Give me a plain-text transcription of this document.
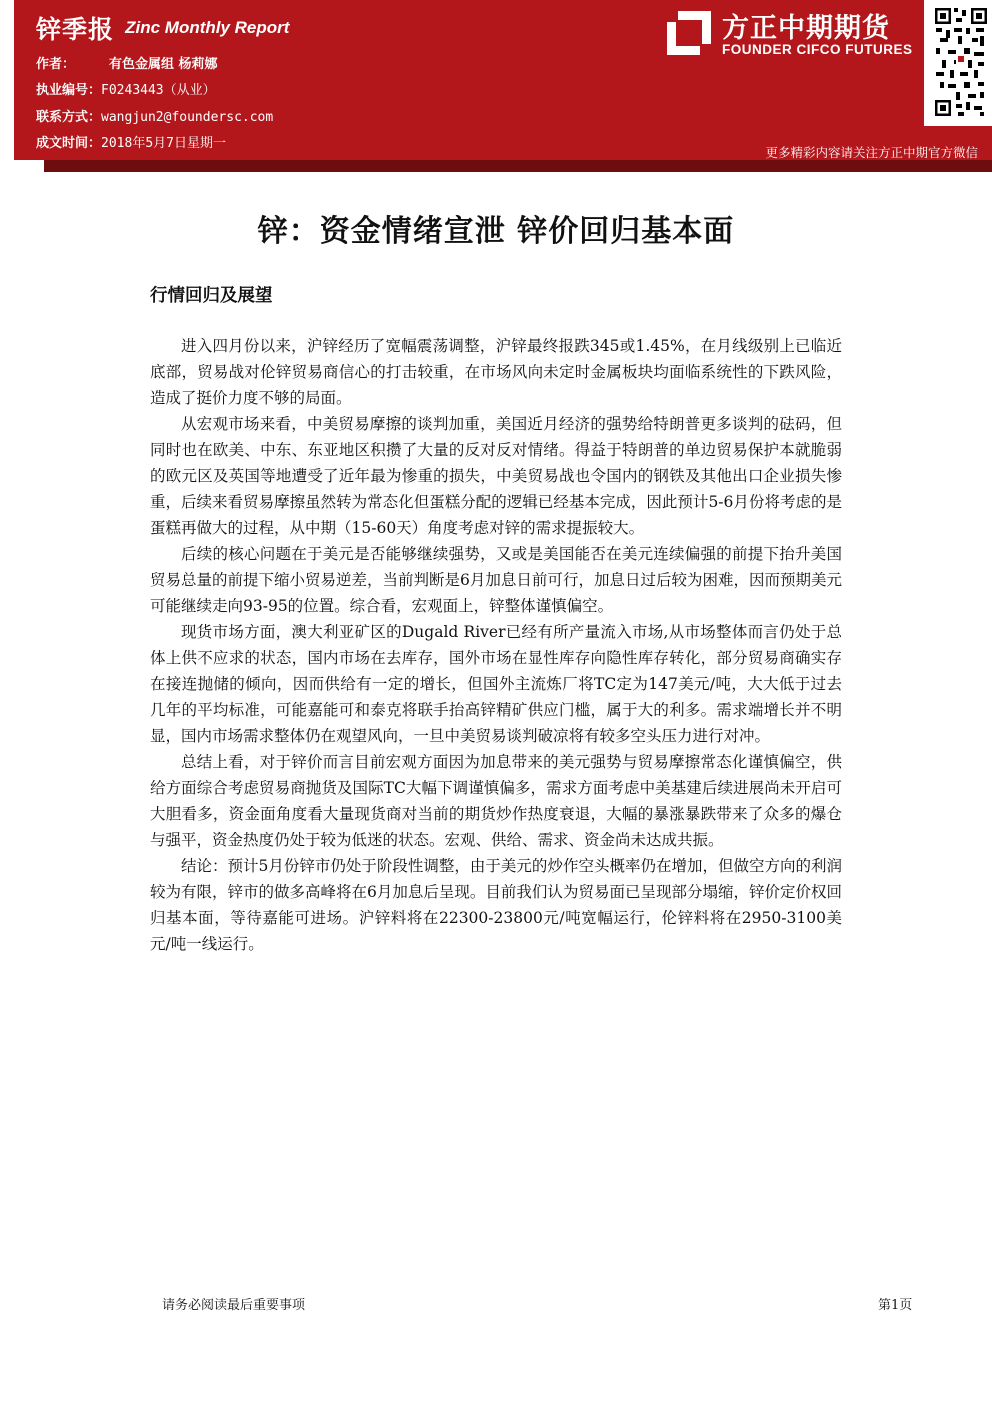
锌季报 Zinc Monthly Report
作者：	有色金属组 杨莉娜
执业编号：F0243443（从业）
联系方式：wangjun2@foundersc.com
成文时间：2018年5月7日星期一
方正中期期货
FOUNDER CIFCO FUTURES
更多精彩内容请关注方正中期官方微信
锌：资金情绪宣泄 锌价回归基本面
行情回归及展望

进入四月份以来，沪锌经历了宽幅震荡调整，沪锌最终报跌345或1.45%，在月线级别上已临近底部，贸易战对伦锌贸易商信心的打击较重，在市场风向未定时金属板块均面临系统性的下跌风险，造成了挺价力度不够的局面。

从宏观市场来看，中美贸易摩擦的谈判加重，美国近月经济的强势给特朗普更多谈判的砝码，但同时也在欧美、中东、东亚地区积攒了大量的反对反对情绪。得益于特朗普的单边贸易保护本就脆弱的欧元区及英国等地遭受了近年最为惨重的损失，中美贸易战也令国内的钢铁及其他出口企业损失惨重，后续来看贸易摩擦虽然转为常态化但蛋糕分配的逻辑已经基本完成，因此预计5-6月份将考虑的是蛋糕再做大的过程，从中期（15-60天）角度考虑对锌的需求提振较大。

后续的核心问题在于美元是否能够继续强势，又或是美国能否在美元连续偏强的前提下抬升美国贸易总量的前提下缩小贸易逆差，当前判断是6月加息日前可行，加息日过后较为困难，因而预期美元可能继续走向93-95的位置。综合看，宏观面上，锌整体谨慎偏空。

现货市场方面，澳大利亚矿区的Dugald River已经有所产量流入市场,从市场整体而言仍处于总体上供不应求的状态，国内市场在去库存，国外市场在显性库存向隐性库存转化，部分贸易商确实存在接连抛储的倾向，因而供给有一定的增长，但国外主流炼厂将TC定为147美元/吨，大大低于过去几年的平均标准，可能嘉能可和泰克将联手抬高锌精矿供应门槛，属于大的利多。需求端增长并不明显，国内市场需求整体仍在观望风向，一旦中美贸易谈判破凉将有较多空头压力进行对冲。

总结上看，对于锌价而言目前宏观方面因为加息带来的美元强势与贸易摩擦常态化谨慎偏空，供给方面综合考虑贸易商抛货及国际TC大幅下调谨慎偏多，需求方面考虑中美基建后续进展尚未开启可大胆看多，资金面角度看大量现货商对当前的期货炒作热度衰退，大幅的暴涨暴跌带来了众多的爆仓与强平，资金热度仍处于较为低迷的状态。宏观、供给、需求、资金尚未达成共振。

结论：预计5月份锌市仍处于阶段性调整，由于美元的炒作空头概率仍在增加，但做空方向的利润较为有限，锌市的做多高峰将在6月加息后呈现。目前我们认为贸易面已呈现部分塌缩，锌价定价权回归基本面，等待嘉能可进场。沪锌料将在22300-23800元/吨宽幅运行，伦锌料将在2950-3100美元/吨一线运行。

请务必阅读最后重要事项	第1页
